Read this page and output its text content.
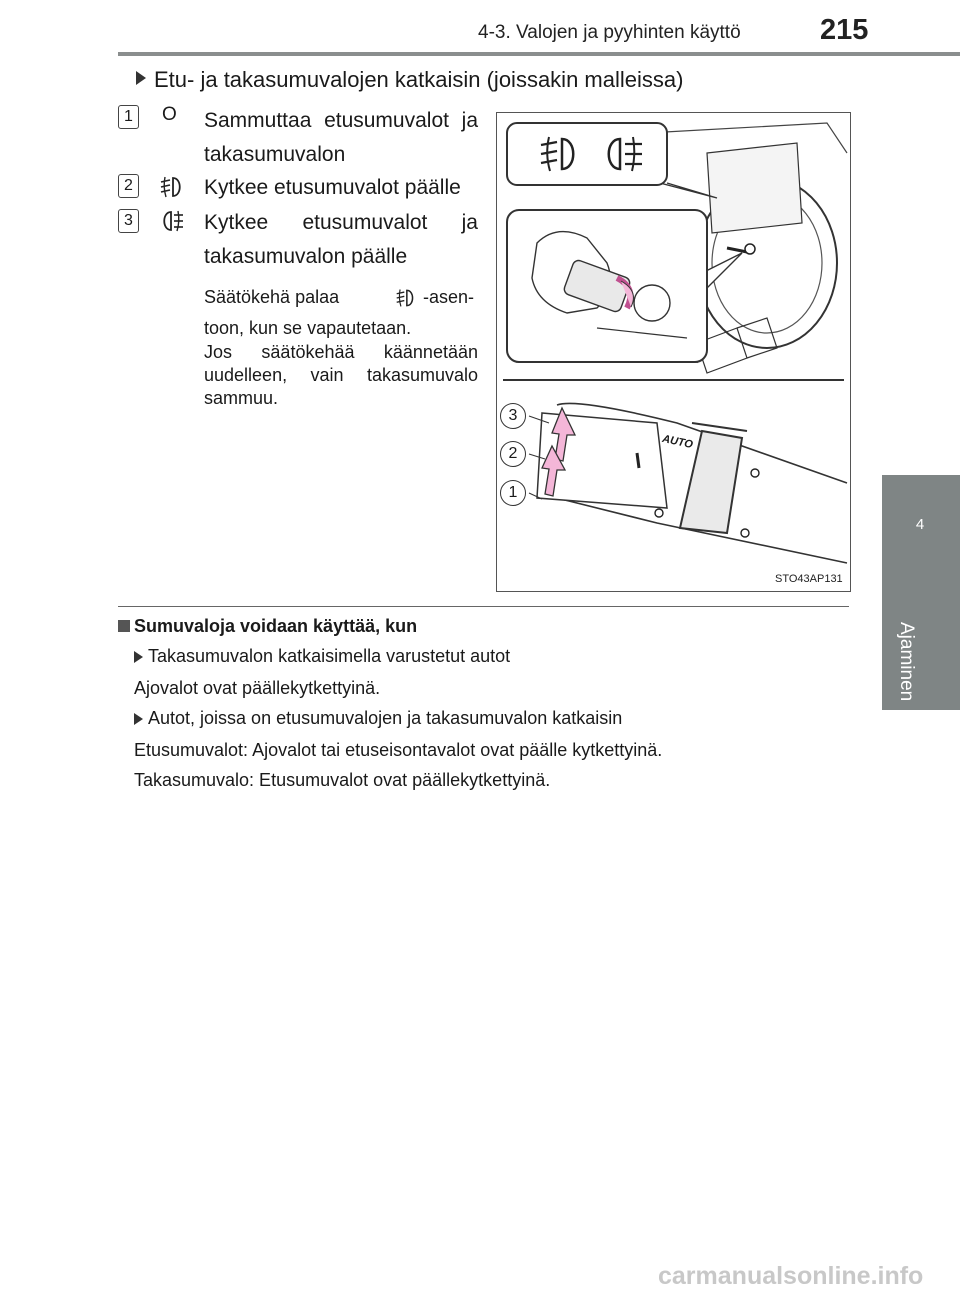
4-3. Valojen ja pyyhinten käyttö	215
4
Ajaminen
Etu- ja takasumuvalojen katkaisin (joissakin malleissa)
1	O Sammuttaa etusumuvalot ja takasumuvalon
2	Kytkee etusumuvalot päälle
3	Kytkee etusumuvalot ja takasumuvalon päälle
Säätökehä palaa	-asen-
toon, kun se vapautetaan.
Jos säätökehää käännetään uudelleen, vain takasumuvalo sammuu.
AUTO
3
2
1
STO43AP131
Sumuvaloja voidaan käyttää, kun
Takasumuvalon katkaisimella varustetut autot
Ajovalot ovat päällekytkettyinä.
Autot, joissa on etusumuvalojen ja takasumuvalon katkaisin
Etusumuvalot: Ajovalot tai etuseisontavalot ovat päälle kytkettyinä.
Takasumuvalo: Etusumuvalot ovat päällekytkettyinä.
carmanualsonline.info
